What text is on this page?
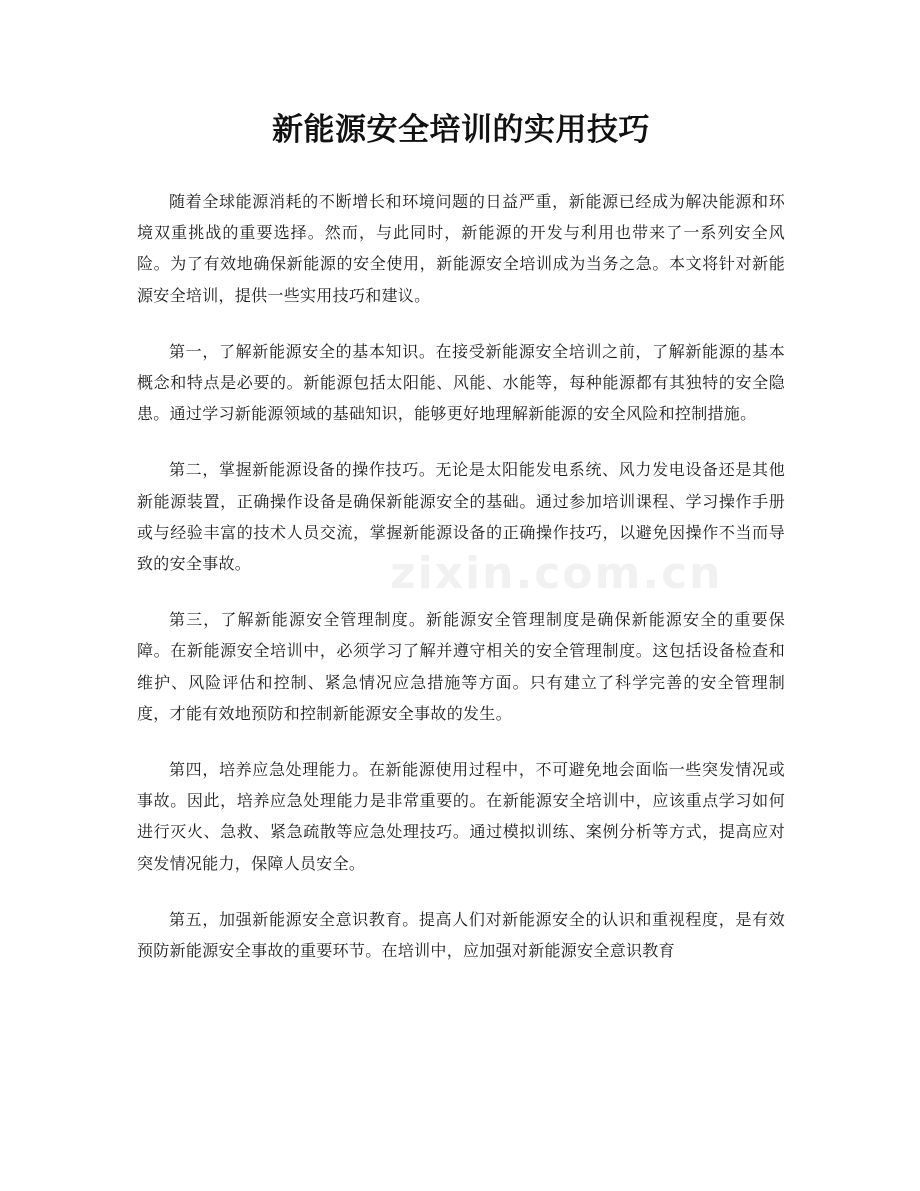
新能源安全培训的实用技巧

随着全球能源消耗的不断增长和环境问题的日益严重，新能源已经成为解决能源和环境双重挑战的重要选择。然而，与此同时，新能源的开发与利用也带来了一系列安全风险。为了有效地确保新能源的安全使用，新能源安全培训成为当务之急。本文将针对新能源安全培训，提供一些实用技巧和建议。

第一，了解新能源安全的基本知识。在接受新能源安全培训之前，了解新能源的基本概念和特点是必要的。新能源包括太阳能、风能、水能等，每种能源都有其独特的安全隐患。通过学习新能源领域的基础知识，能够更好地理解新能源的安全风险和控制措施。

第二，掌握新能源设备的操作技巧。无论是太阳能发电系统、风力发电设备还是其他新能源装置，正确操作设备是确保新能源安全的基础。通过参加培训课程、学习操作手册或与经验丰富的技术人员交流，掌握新能源设备的正确操作技巧，以避免因操作不当而导致的安全事故。

第三，了解新能源安全管理制度。新能源安全管理制度是确保新能源安全的重要保障。在新能源安全培训中，必须学习了解并遵守相关的安全管理制度。这包括设备检查和维护、风险评估和控制、紧急情况应急措施等方面。只有建立了科学完善的安全管理制度，才能有效地预防和控制新能源安全事故的发生。

第四，培养应急处理能力。在新能源使用过程中，不可避免地会面临一些突发情况或事故。因此，培养应急处理能力是非常重要的。在新能源安全培训中，应该重点学习如何进行灭火、急救、紧急疏散等应急处理技巧。通过模拟训练、案例分析等方式，提高应对突发情况能力，保障人员安全。

第五，加强新能源安全意识教育。提高人们对新能源安全的认识和重视程度，是有效预防新能源安全事故的重要环节。在培训中，应加强对新能源安全意识教育

zixin.com.cn
